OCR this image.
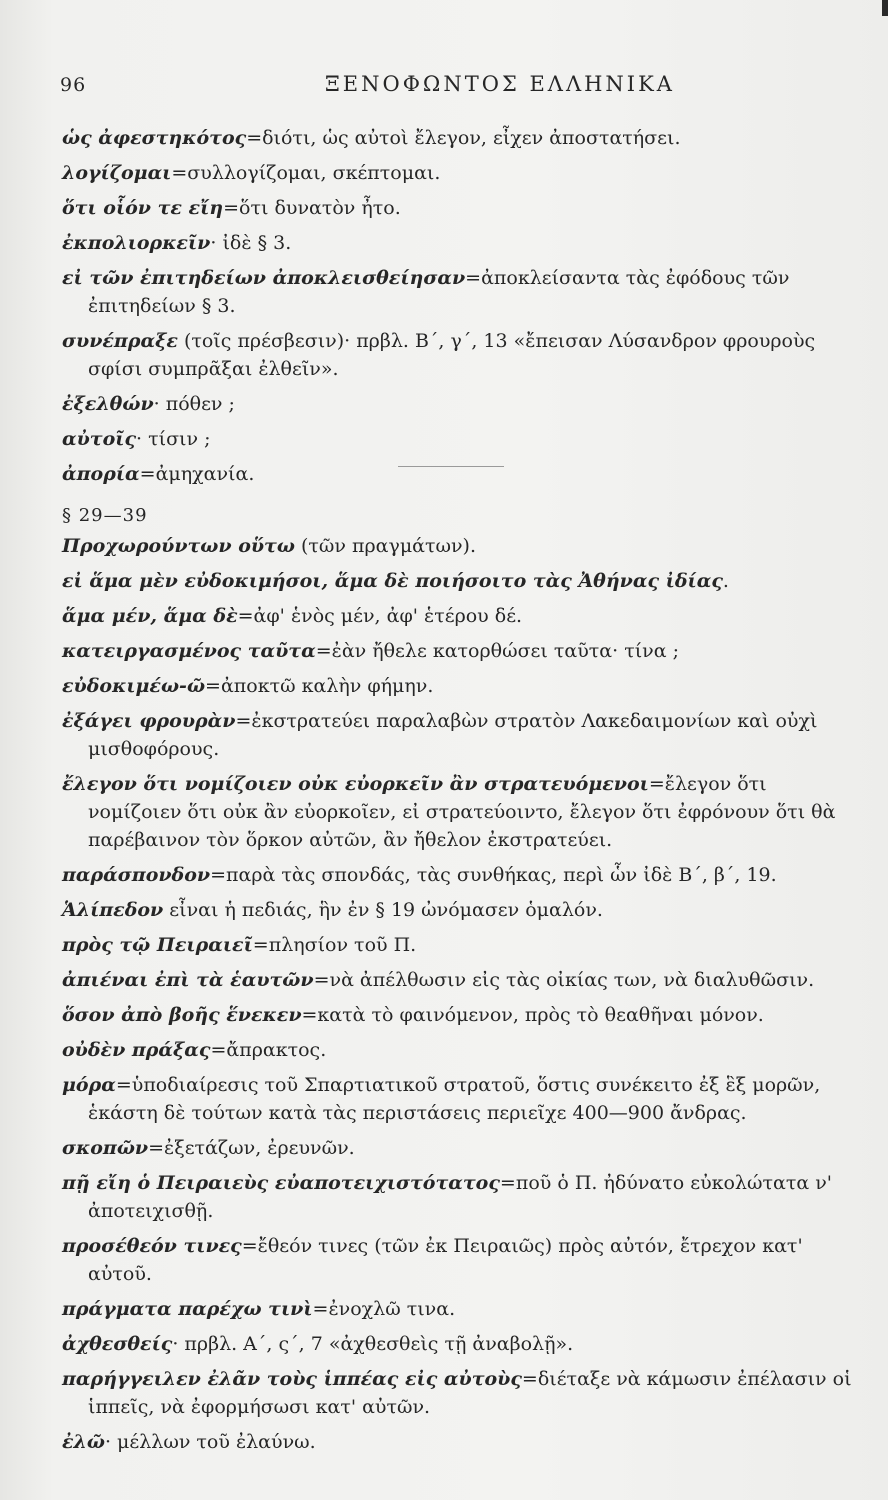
96	ΞΕΝΟΦΩΝΤΟΣ ΕΛΛΗΝΙΚΑ
ὡς ἀφεστηκότος=διότι, ὡς αὐτοὶ ἔλεγον, εἶχεν ἀποστατήσει.
λογίζομαι=συλλογίζομαι, σκέπτομαι.
ὅτι οἷόν τε εἴη=ὅτι δυνατὸν ἦτο.
ἐκπολιορκεῖν· ἰδὲ § 3.
εἰ τῶν ἐπιτηδείων ἀποκλεισθείησαν=ἀποκλείσαντα τὰς ἐφόδους τῶν ἐπιτηδείων § 3.
συνέπραξε (τοῖς πρέσβεσιν)· πρβλ. Β΄, γ΄, 13 «ἔπεισαν Λύσανδρον φρουροὺς σφίσι συμπρᾶξαι ἐλθεῖν».
ἐξελθών· πόθεν ;
αὐτοῖς· τίσιν ;
ἀπορία=ἀμηχανία.
§ 29—39
Προχωρούντων οὕτω (τῶν πραγμάτων).
εἰ ἅμα μὲν εὐδοκιμήσοι, ἅμα δὲ ποιήσοιτο τὰς Ἀθήνας ἰδίας.
ἅμα μέν, ἅμα δὲ=ἀφ' ἑνὸς μέν, ἀφ' ἑτέρου δέ.
κατειργασμένος ταῦτα=ἐὰν ἤθελε κατορθώσει ταῦτα· τίνα ;
εὐδοκιμέω-ῶ=ἀποκτῶ καλὴν φήμην.
ἐξάγει φρουρὰν=ἐκστρατεύει παραλαβὼν στρατὸν Λακεδαιμονίων καὶ οὐχὶ μισθοφόρους.
ἔλεγον ὅτι νομίζοιεν οὐκ εὐορκεῖν ἂν στρατευόμενοι=ἔλεγον ὅτι νομίζοιεν ὅτι οὐκ ἂν εὐορκοῖεν, εἰ στρατεύοιντο, ἔλεγον ὅτι ἐφρόνουν ὅτι θὰ παρέβαινον τὸν ὅρκον αὐτῶν, ἂν ἤθελον ἐκστρατεύει.
παράσπονδον=παρὰ τὰς σπονδάς, τὰς συνθήκας, περὶ ὧν ἰδὲ Β΄, β΄, 19.
Ἁλίπεδον εἶναι ἡ πεδιάς, ἣν ἐν § 19 ὠνόμασεν ὁμαλόν.
πρὸς τῷ Πειραιεῖ=πλησίον τοῦ Π.
ἀπιέναι ἐπὶ τὰ ἑαυτῶν=νὰ ἀπέλθωσιν εἰς τὰς οἰκίας των, νὰ διαλυθῶσιν.
ὅσον ἀπὸ βοῆς ἕνεκεν=κατὰ τὸ φαινόμενον, πρὸς τὸ θεαθῆναι μόνον.
οὐδὲν πράξας=ἄπρακτος.
μόρα=ὑποδιαίρεσις τοῦ Σπαρτιατικοῦ στρατοῦ, ὅστις συνέκειτο ἐξ ἓξ μορῶν, ἑκάστη δὲ τούτων κατὰ τὰς περιστάσεις περιεῖχε 400—900 ἄνδρας.
σκοπῶν=ἐξετάζων, ἐρευνῶν.
πῇ εἴη ὁ Πειραιεὺς εὐαποτειχιστότατος=ποῦ ὁ Π. ἠδύνατο εὐκολώτατα ν' ἀποτειχισθῇ.
προσέθεόν τινες=ἔθεόν τινες (τῶν ἐκ Πειραιῶς) πρὸς αὐτόν, ἔτρεχον κατ' αὐτοῦ.
πράγματα παρέχω τινὶ=ἐνοχλῶ τινα.
ἀχθεσθείς· πρβλ. Α΄, ς΄, 7 «ἀχθεσθεὶς τῇ ἀναβολῇ».
παρήγγειλεν ἐλᾶν τοὺς ἱππέας εἰς αὐτοὺς=διέταξε νὰ κάμωσιν ἐπέλασιν οἱ ἱππεῖς, νὰ ἐφορμήσωσι κατ' αὐτῶν.
ἐλῶ· μέλλων τοῦ ἐλαύνω.
